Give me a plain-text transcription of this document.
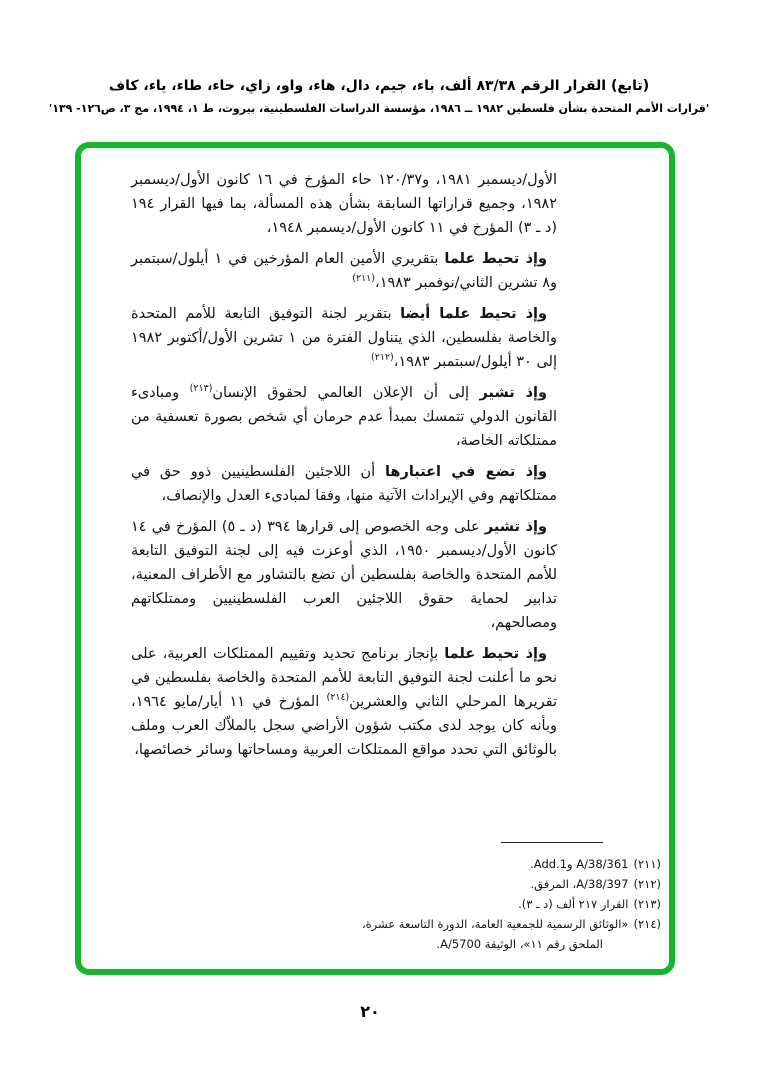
(تابع) القرار الرقم ٨٣/٣٨ ألف، باء، جيم، دال، هاء، واو، زاي، حاء، طاء، ياء، كاف
'قرارات الأمم المتحدة بشأن فلسطين ١٩٨٢ ــ ١٩٨٦، مؤسسة الدراسات الفلسطينية، بيروت، ط ١، ١٩٩٤، مج ٣، ص١٢٦- ١٣٩'

الأول/ديسمبر ١٩٨١، و١٢٠/٣٧ حاء المؤرخ في ١٦ كانون الأول/ديسمبر ١٩٨٢، وجميع قراراتها السابقة بشأن هذه المسألة، بما فيها القرار ١٩٤ (د ـ ٣) المؤرخ في ١١ كانون الأول/ديسمبر ١٩٤٨،

وإذ تحيط علما بتقريري الأمين العام المؤرخين في ١ أيلول/سبتمبر و٨ تشرين الثاني/نوفمبر ١٩٨٣،$^{(٢١١)}$

وإذ تحيط علما أيضا بتقرير لجنة التوفيق التابعة للأمم المتحدة والخاصة بفلسطين، الذي يتناول الفترة من ١ تشرين الأول/أكتوبر ١٩٨٢ إلى ٣٠ أيلول/سبتمبر ١٩٨٣،$^{(٢١٢)}$

وإذ تشير إلى أن الإعلان العالمي لحقوق الإنسان$^{(٢١٣)}$ ومبادىء القانون الدولي تتمسك بمبدأ عدم حرمان أي شخص بصورة تعسفية من ممتلكاته الخاصة،

وإذ تضع في اعتبارها أن اللاجئين الفلسطينيين ذوو حق في ممتلكاتهم وفي الإيرادات الآتية منها، وفقا لمبادىء العدل والإنصاف،

وإذ تشير على وجه الخصوص إلى قرارها ٣٩٤ (د ـ ٥) المؤرخ في ١٤ كانون الأول/ديسمبر ١٩٥٠، الذي أوعزت فيه إلى لجنة التوفيق التابعة للأمم المتحدة والخاصة بفلسطين أن تضع بالتشاور مع الأطراف المعنية، تدابير لحماية حقوق اللاجئين العرب الفلسطينيين وممتلكاتهم ومصالحهم،

وإذ تحيط علما بإنجاز برنامج تحديد وتقييم الممتلكات العربية، على نحو ما أعلنت لجنة التوفيق التابعة للأمم المتحدة والخاصة بفلسطين في تقريرها المرحلي الثاني والعشرين$^{(٢١٤)}$ المؤرخ في ١١ أيار/مايو ١٩٦٤، وبأنه كان يوجد لدى مكتب شؤون الأراضي سجل بالملاّك العرب وملف بالوثائق التي تحدد مواقع الممتلكات العربية ومساحاتها وسائر خصائصها،

(٢١١)A/38/361 وAdd.1.
(٢١٢)A/38/397، المرفق.
(٢١٣)القرار ٢١٧ ألف (د ـ ٣).
(٢١٤)«الوثائق الرسمية للجمعية العامة، الدورة التاسعة عشرة، الملحق رقم ١١»، الوثيقة A/5700.
٢٠
